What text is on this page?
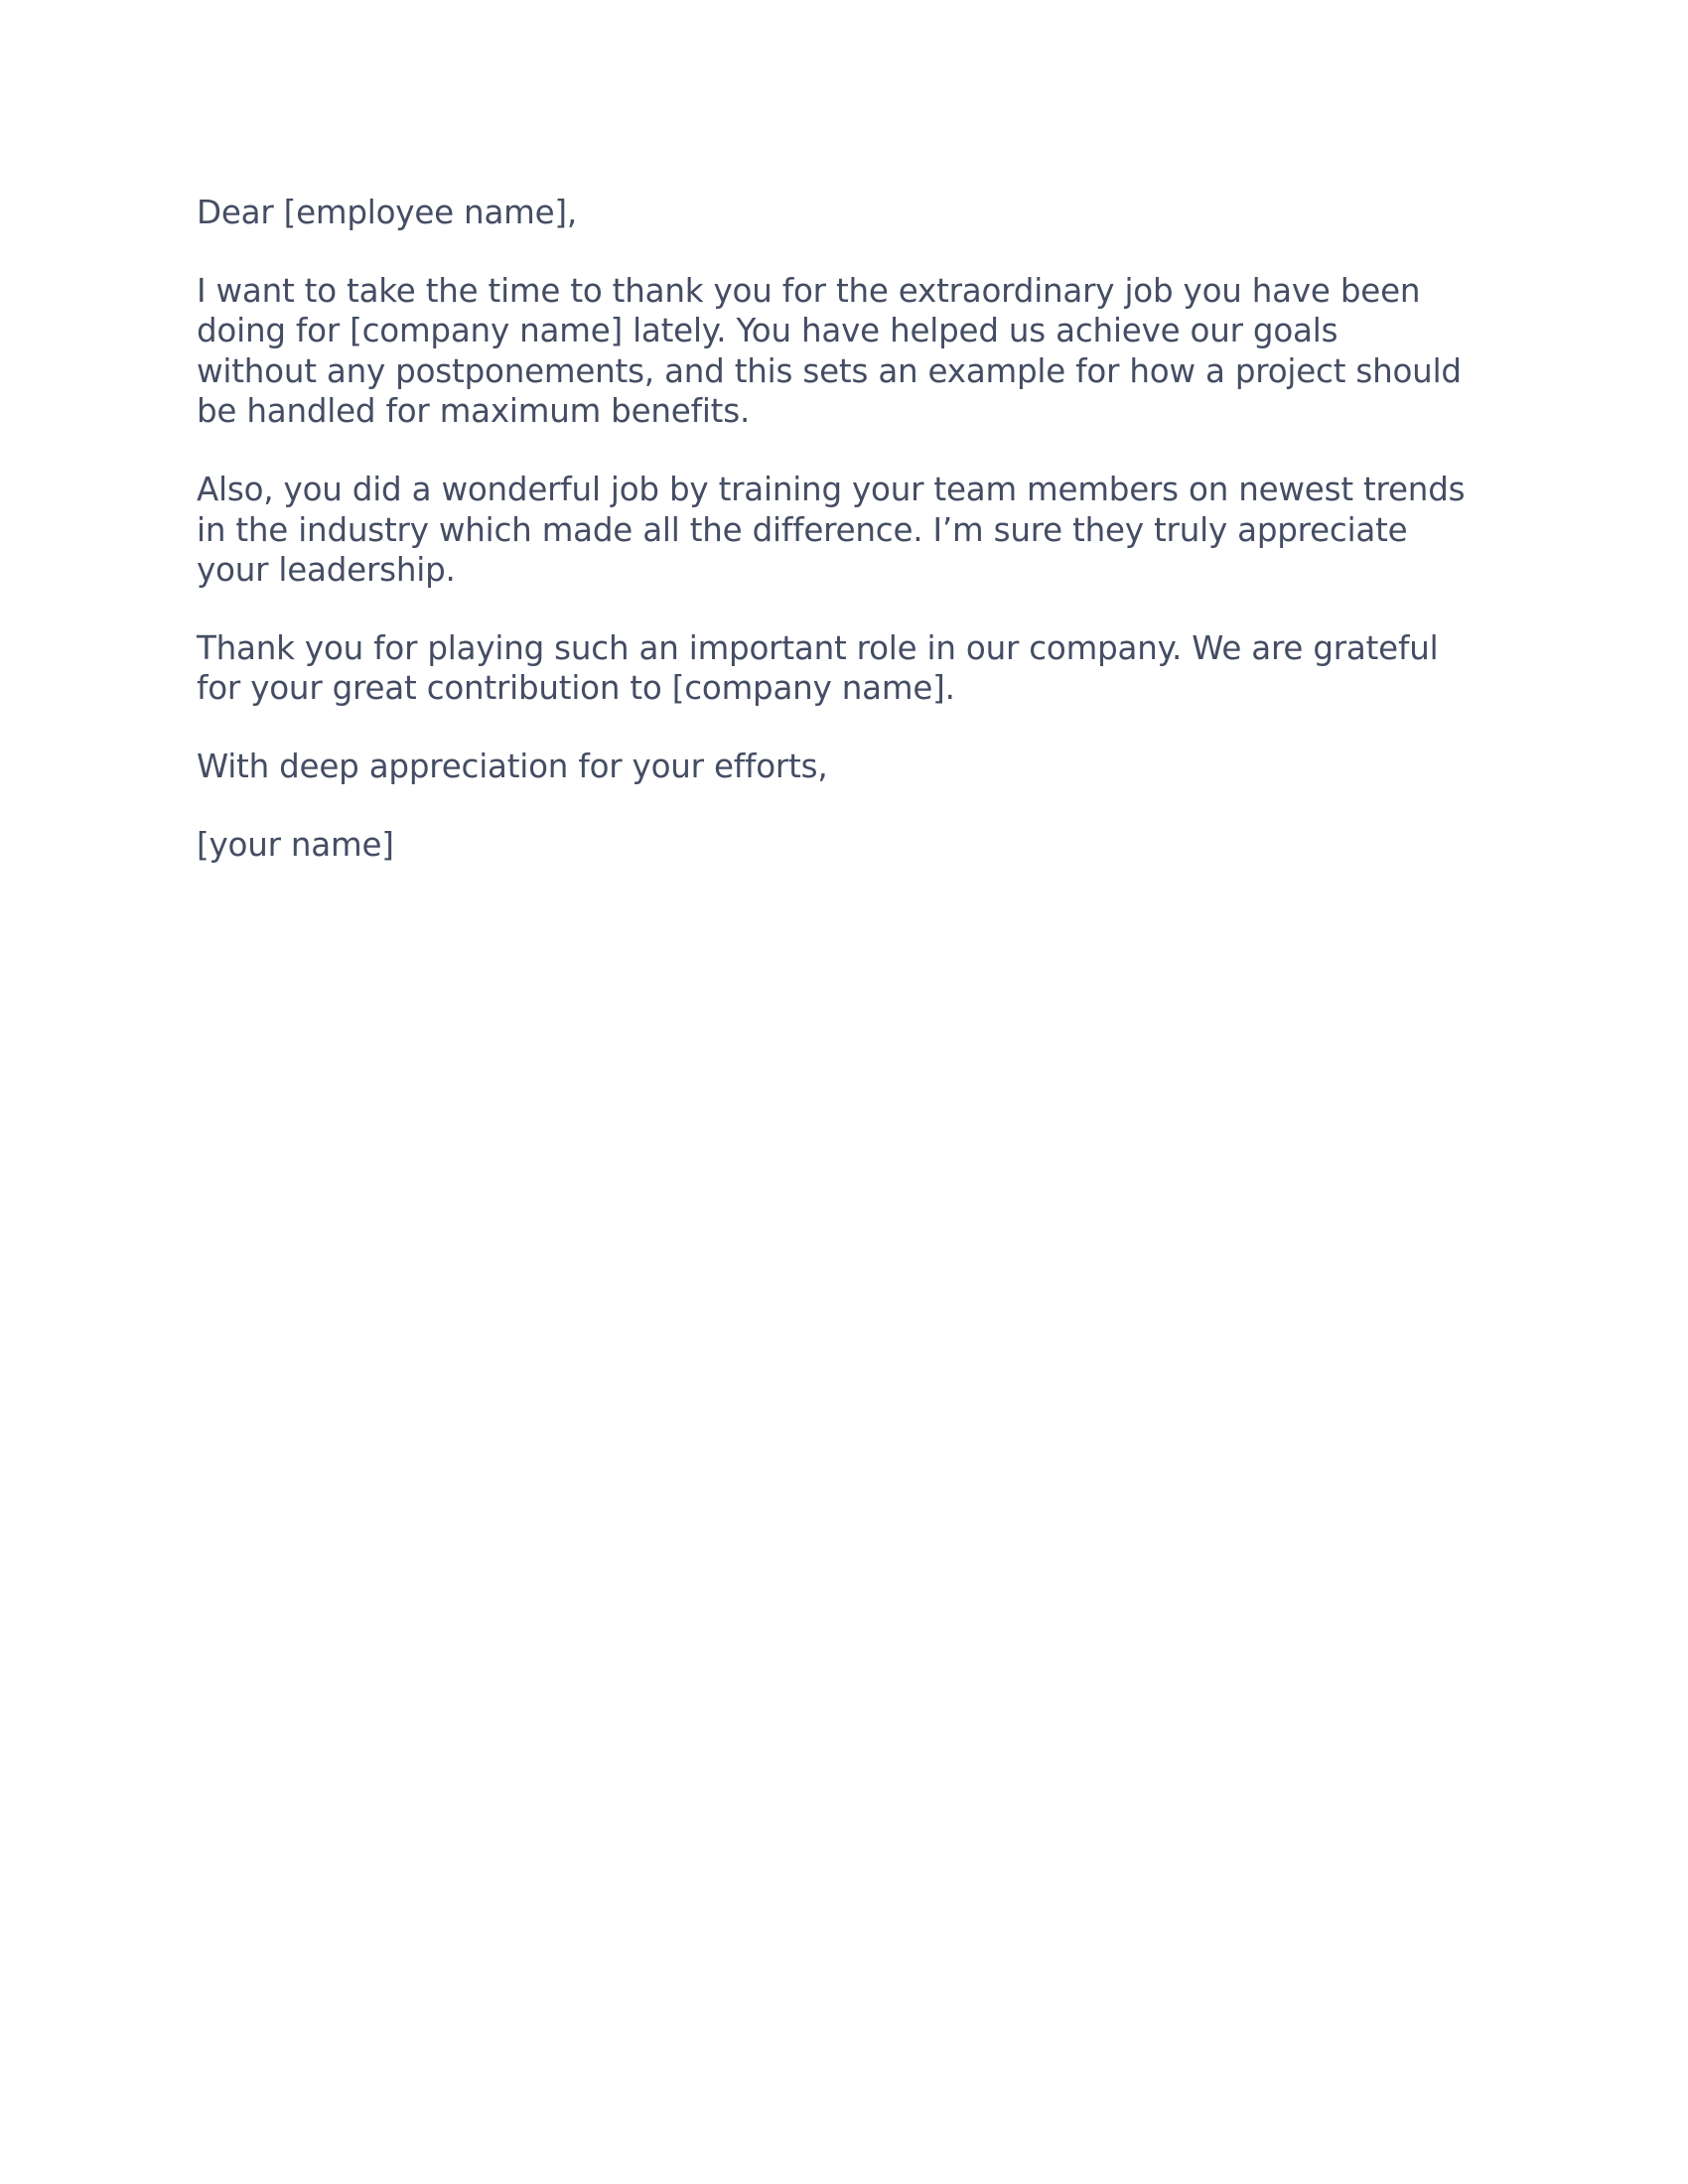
Dear [employee name],

I want to take the time to thank you for the extraordinary job you have been
doing for [company name] lately. You have helped us achieve our goals
without any postponements, and this sets an example for how a project should
be handled for maximum benefits.

Also, you did a wonderful job by training your team members on newest trends
in the industry which made all the difference. I’m sure they truly appreciate
your leadership.

Thank you for playing such an important role in our company. We are grateful
for your great contribution to [company name].

With deep appreciation for your efforts,

[your name]
